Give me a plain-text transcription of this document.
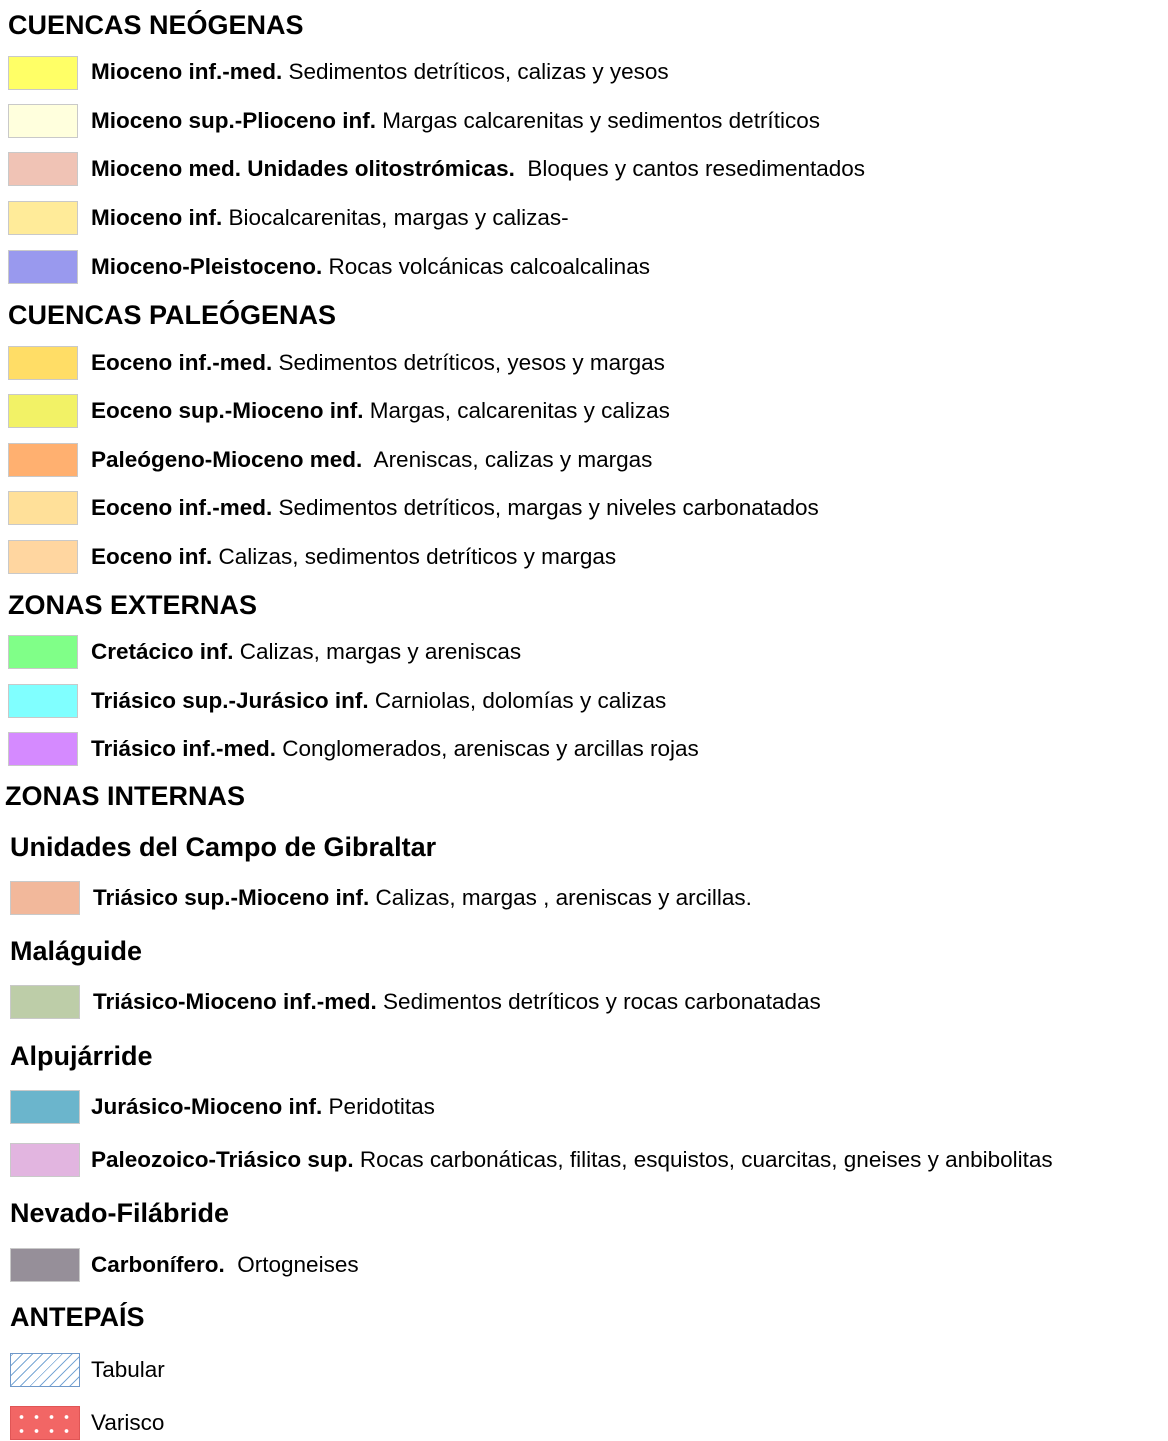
CUENCAS NEÓGENAS
Mioceno inf.-med. Sedimentos detríticos, calizas y yesos
Mioceno sup.-Plioceno inf. Margas calcarenitas y sedimentos detríticos
Mioceno med. Unidades olitostrómicas.  Bloques y cantos resedimentados
Mioceno inf. Biocalcarenitas, margas y calizas-
Mioceno-Pleistoceno. Rocas volcánicas calcoalcalinas
CUENCAS PALEÓGENAS
Eoceno inf.-med. Sedimentos detríticos, yesos y margas
Eoceno sup.-Mioceno inf. Margas, calcarenitas y calizas
Paleógeno-Mioceno med.  Areniscas, calizas y margas
Eoceno inf.-med. Sedimentos detríticos, margas y niveles carbonatados
Eoceno inf. Calizas, sedimentos detríticos y margas
ZONAS EXTERNAS
Cretácico inf. Calizas, margas y areniscas
Triásico sup.-Jurásico inf. Carniolas, dolomías y calizas
Triásico inf.-med. Conglomerados, areniscas y arcillas rojas
ZONAS INTERNAS
Unidades del Campo de Gibraltar
Triásico sup.-Mioceno inf. Calizas, margas , areniscas y arcillas.
Maláguide
Triásico-Mioceno inf.-med. Sedimentos detríticos y rocas carbonatadas
Alpujárride
Jurásico-Mioceno inf. Peridotitas
Paleozoico-Triásico sup. Rocas carbonáticas, filitas, esquistos, cuarcitas, gneises y anbibolitas
Nevado-Filábride
Carbonífero.  Ortogneises
ANTEPAÍS
Tabular
Varisco
